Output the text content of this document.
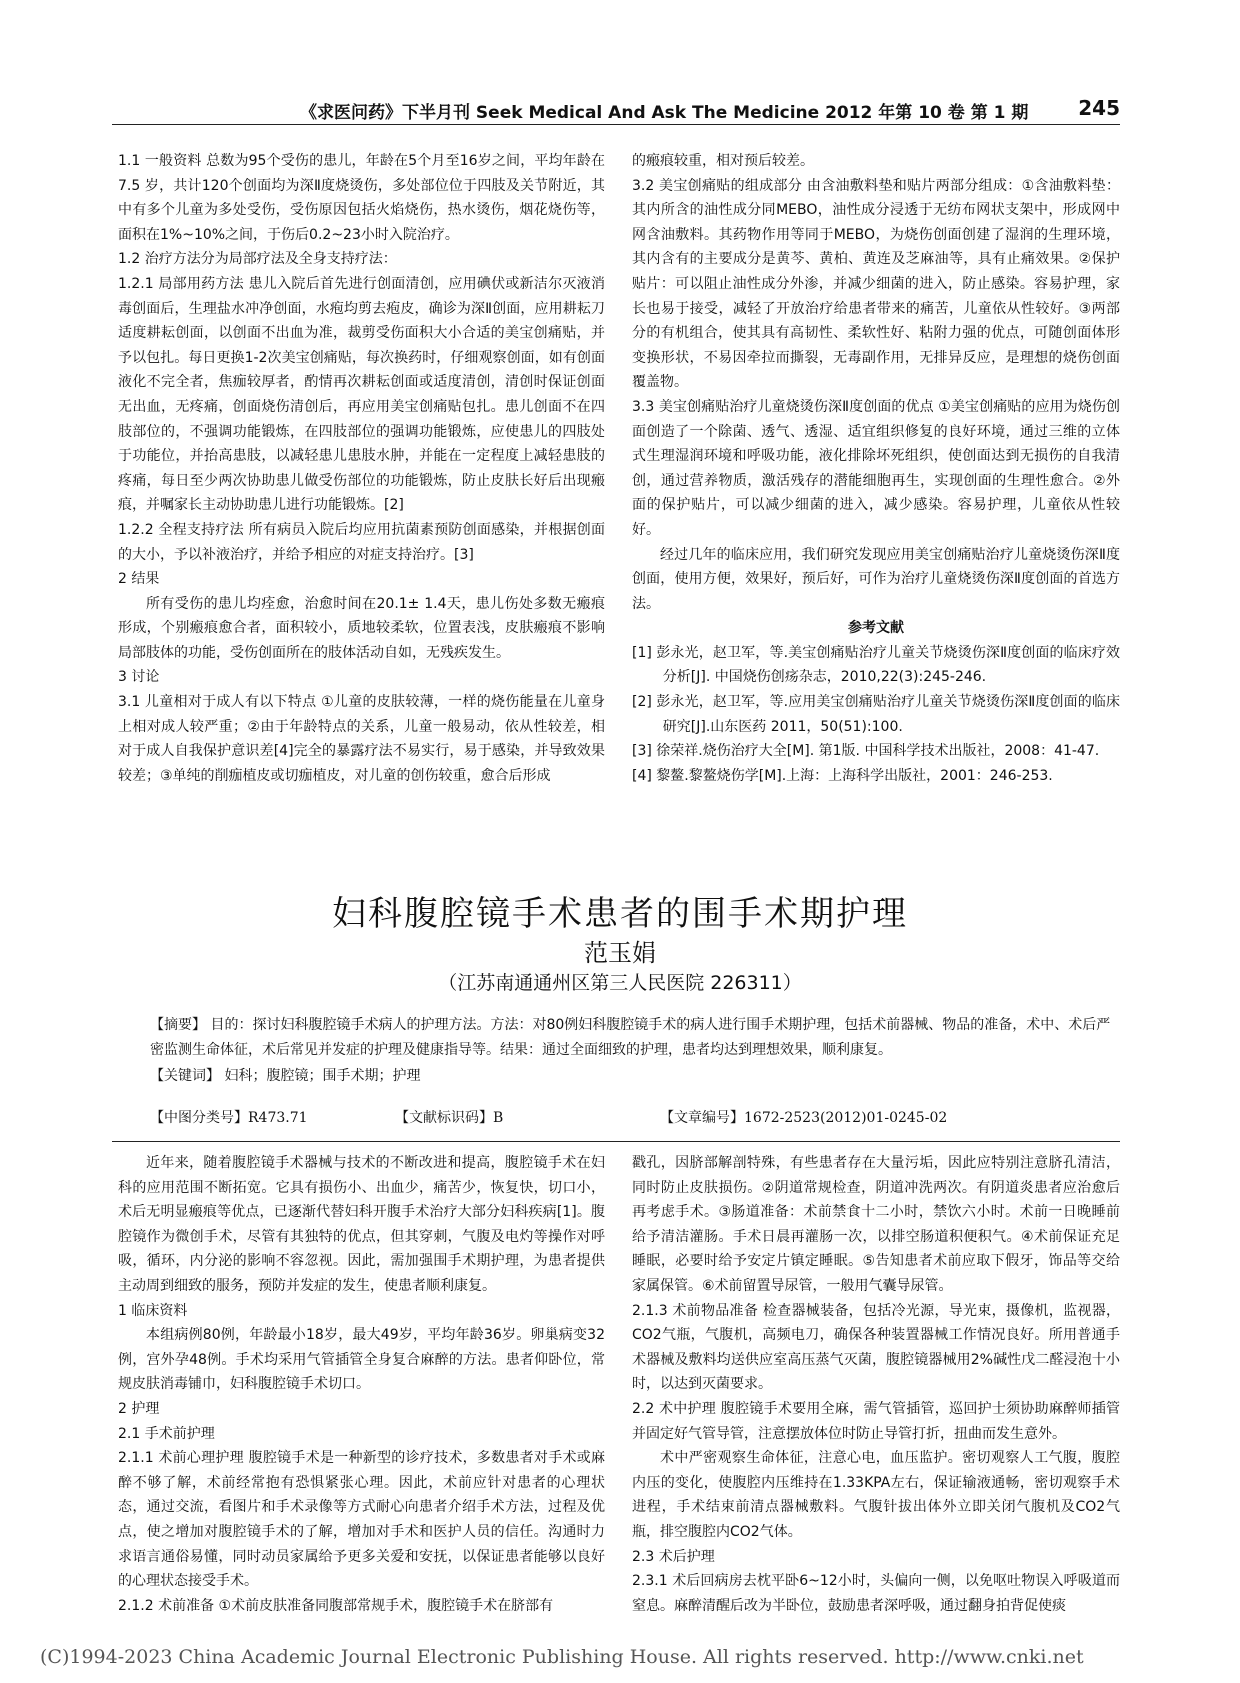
《求医问药》下半月刊 Seek Medical And Ask The Medicine 2012 年第 10 卷 第 1 期 245

1.1 一般资料 总数为95个受伤的患儿，年龄在5个月至16岁之间，平均年龄在 7.5 岁，共计120个创面均为深Ⅱ度烧烫伤，多处部位位于四肢及关节附近，其中有多个儿童为多处受伤，受伤原因包括火焰烧伤，热水烫伤，烟花烧伤等，面积在1%~10%之间，于伤后0.2~23小时入院治疗。

1.2 治疗方法分为局部疗法及全身支持疗法：

1.2.1 局部用药方法 患儿入院后首先进行创面清创，应用碘伏或新洁尔灭液消毒创面后，生理盐水冲净创面，水疱均剪去疱皮，确诊为深Ⅱ创面，应用耕耘刀适度耕耘创面，以创面不出血为准，裁剪受伤面积大小合适的美宝创痛贴，并予以包扎。每日更换1-2次美宝创痛贴，每次换药时，仔细观察创面，如有创面液化不完全者，焦痂较厚者，酌情再次耕耘创面或适度清创，清创时保证创面无出血，无疼痛，创面烧伤清创后，再应用美宝创痛贴包扎。患儿创面不在四肢部位的，不强调功能锻炼，在四肢部位的强调功能锻炼，应使患儿的四肢处于功能位，并抬高患肢，以减轻患儿患肢水肿，并能在一定程度上减轻患肢的疼痛，每日至少两次协助患儿做受伤部位的功能锻炼，防止皮肤长好后出现瘢痕，并嘱家长主动协助患儿进行功能锻炼。[2]

1.2.2 全程支持疗法 所有病员入院后均应用抗菌素预防创面感染，并根据创面的大小，予以补液治疗，并给予相应的对症支持治疗。[3]

2 结果

所有受伤的患儿均痊愈，治愈时间在20.1± 1.4天，患儿伤处多数无瘢痕形成，个别瘢痕愈合者，面积较小，质地较柔软，位置表浅，皮肤瘢痕不影响局部肢体的功能，受伤创面所在的肢体活动自如，无残疾发生。

3 讨论

3.1 儿童相对于成人有以下特点 ①儿童的皮肤较薄，一样的烧伤能量在儿童身上相对成人较严重；②由于年龄特点的关系，儿童一般易动，依从性较差，相对于成人自我保护意识差[4]完全的暴露疗法不易实行，易于感染，并导致效果较差；③单纯的削痂植皮或切痂植皮，对儿童的创伤较重，愈合后形成

的瘢痕较重，相对预后较差。

3.2 美宝创痛贴的组成部分 由含油敷料垫和贴片两部分组成：①含油敷料垫：其内所含的油性成分同MEBO，油性成分浸透于无纺布网状支架中，形成网中网含油敷料。其药物作用等同于MEBO，为烧伤创面创建了湿润的生理环境，其内含有的主要成分是黄芩、黄柏、黄连及芝麻油等，具有止痛效果。②保护贴片：可以阻止油性成分外渗，并减少细菌的进入，防止感染。容易护理，家长也易于接受，减轻了开放治疗给患者带来的痛苦，儿童依从性较好。③两部分的有机组合，使其具有高韧性、柔软性好、粘附力强的优点，可随创面体形变换形状，不易因牵拉而撕裂，无毒副作用，无排异反应，是理想的烧伤创面覆盖物。

3.3 美宝创痛贴治疗儿童烧烫伤深Ⅱ度创面的优点 ①美宝创痛贴的应用为烧伤创面创造了一个除菌、透气、透湿、适宜组织修复的良好环境，通过三维的立体式生理湿润环境和呼吸功能，液化排除坏死组织，使创面达到无损伤的自我清创，通过营养物质，激活残存的潜能细胞再生，实现创面的生理性愈合。②外面的保护贴片，可以减少细菌的进入，减少感染。容易护理，儿童依从性较好。

经过几年的临床应用，我们研究发现应用美宝创痛贴治疗儿童烧烫伤深Ⅱ度创面，使用方便，效果好，预后好，可作为治疗儿童烧烫伤深Ⅱ度创面的首选方法。

参考文献

[1] 彭永光，赵卫军，等.美宝创痛贴治疗儿童关节烧烫伤深Ⅱ度创面的临床疗效分析[J]. 中国烧伤创疡杂志，2010,22(3):245-246.

[2] 彭永光，赵卫军，等.应用美宝创痛贴治疗儿童关节烧烫伤深Ⅱ度创面的临床研究[J].山东医药 2011，50(51):100.

[3] 徐荣祥.烧伤治疗大全[M]. 第1版. 中国科学技术出版社，2008：41-47.

[4] 黎鳌.黎鳌烧伤学[M].上海：上海科学出版社，2001：246-253.

妇科腹腔镜手术患者的围手术期护理
范玉娟
（江苏南通通州区第三人民医院 226311）
【摘要】 目的：探讨妇科腹腔镜手术病人的护理方法。方法：对80例妇科腹腔镜手术的病人进行围手术期护理，包括术前器械、物品的准备，术中、术后严密监测生命体征，术后常见并发症的护理及健康指导等。结果：通过全面细致的护理，患者均达到理想效果，顺利康复。
【关键词】 妇科；腹腔镜；围手术期；护理
【中图分类号】R473.71	【文献标识码】B	【文章编号】1672-2523(2012)01-0245-02

近年来，随着腹腔镜手术器械与技术的不断改进和提高，腹腔镜手术在妇科的应用范围不断拓宽。它具有损伤小、出血少，痛苦少，恢复快，切口小，术后无明显瘢痕等优点，已逐渐代替妇科开腹手术治疗大部分妇科疾病[1]。腹腔镜作为微创手术，尽管有其独特的优点，但其穿刺，气腹及电灼等操作对呼吸，循环，内分泌的影响不容忽视。因此，需加强围手术期护理，为患者提供主动周到细致的服务，预防并发症的发生，使患者顺利康复。

1 临床资料

本组病例80例，年龄最小18岁，最大49岁，平均年龄36岁。卵巢病变32例，宫外孕48例。手术均采用气管插管全身复合麻醉的方法。患者仰卧位，常规皮肤消毒铺巾，妇科腹腔镜手术切口。

2 护理

2.1 手术前护理

2.1.1 术前心理护理 腹腔镜手术是一种新型的诊疗技术，多数患者对手术或麻醉不够了解，术前经常抱有恐惧紧张心理。因此，术前应针对患者的心理状态，通过交流，看图片和手术录像等方式耐心向患者介绍手术方法，过程及优点，使之增加对腹腔镜手术的了解，增加对手术和医护人员的信任。沟通时力求语言通俗易懂，同时动员家属给予更多关爱和安抚，以保证患者能够以良好的心理状态接受手术。

2.1.2 术前准备 ①术前皮肤准备同腹部常规手术，腹腔镜手术在脐部有

戳孔，因脐部解剖特殊，有些患者存在大量污垢，因此应特别注意脐孔清洁，同时防止皮肤损伤。②阴道常规检查，阴道冲洗两次。有阴道炎患者应治愈后再考虑手术。③肠道准备：术前禁食十二小时，禁饮六小时。术前一日晚睡前给予清洁灌肠。手术日晨再灌肠一次，以排空肠道积便积气。④术前保证充足睡眠，必要时给予安定片镇定睡眠。⑤告知患者术前应取下假牙，饰品等交给家属保管。⑥术前留置导尿管，一般用气囊导尿管。

2.1.3 术前物品准备 检查器械装备，包括冷光源，导光束，摄像机，监视器，CO2气瓶，气腹机，高频电刀，确保各种装置器械工作情况良好。所用普通手术器械及敷料均送供应室高压蒸气灭菌，腹腔镜器械用2%碱性戊二醛浸泡十小时，以达到灭菌要求。

2.2 术中护理 腹腔镜手术要用全麻，需气管插管，巡回护士须协助麻醉师插管并固定好气管导管，注意摆放体位时防止导管打折，扭曲而发生意外。

术中严密观察生命体征，注意心电，血压监护。密切观察人工气腹，腹腔内压的变化，使腹腔内压维持在1.33KPA左右，保证输液通畅，密切观察手术进程，手术结束前清点器械敷料。气腹针拔出体外立即关闭气腹机及CO2气瓶，排空腹腔内CO2气体。

2.3 术后护理

2.3.1 术后回病房去枕平卧6~12小时，头偏向一侧，以免呕吐物误入呼吸道而窒息。麻醉清醒后改为半卧位，鼓励患者深呼吸，通过翻身拍背促使痰

(C)1994-2023 China Academic Journal Electronic Publishing House. All rights reserved. http://www.cnki.net
